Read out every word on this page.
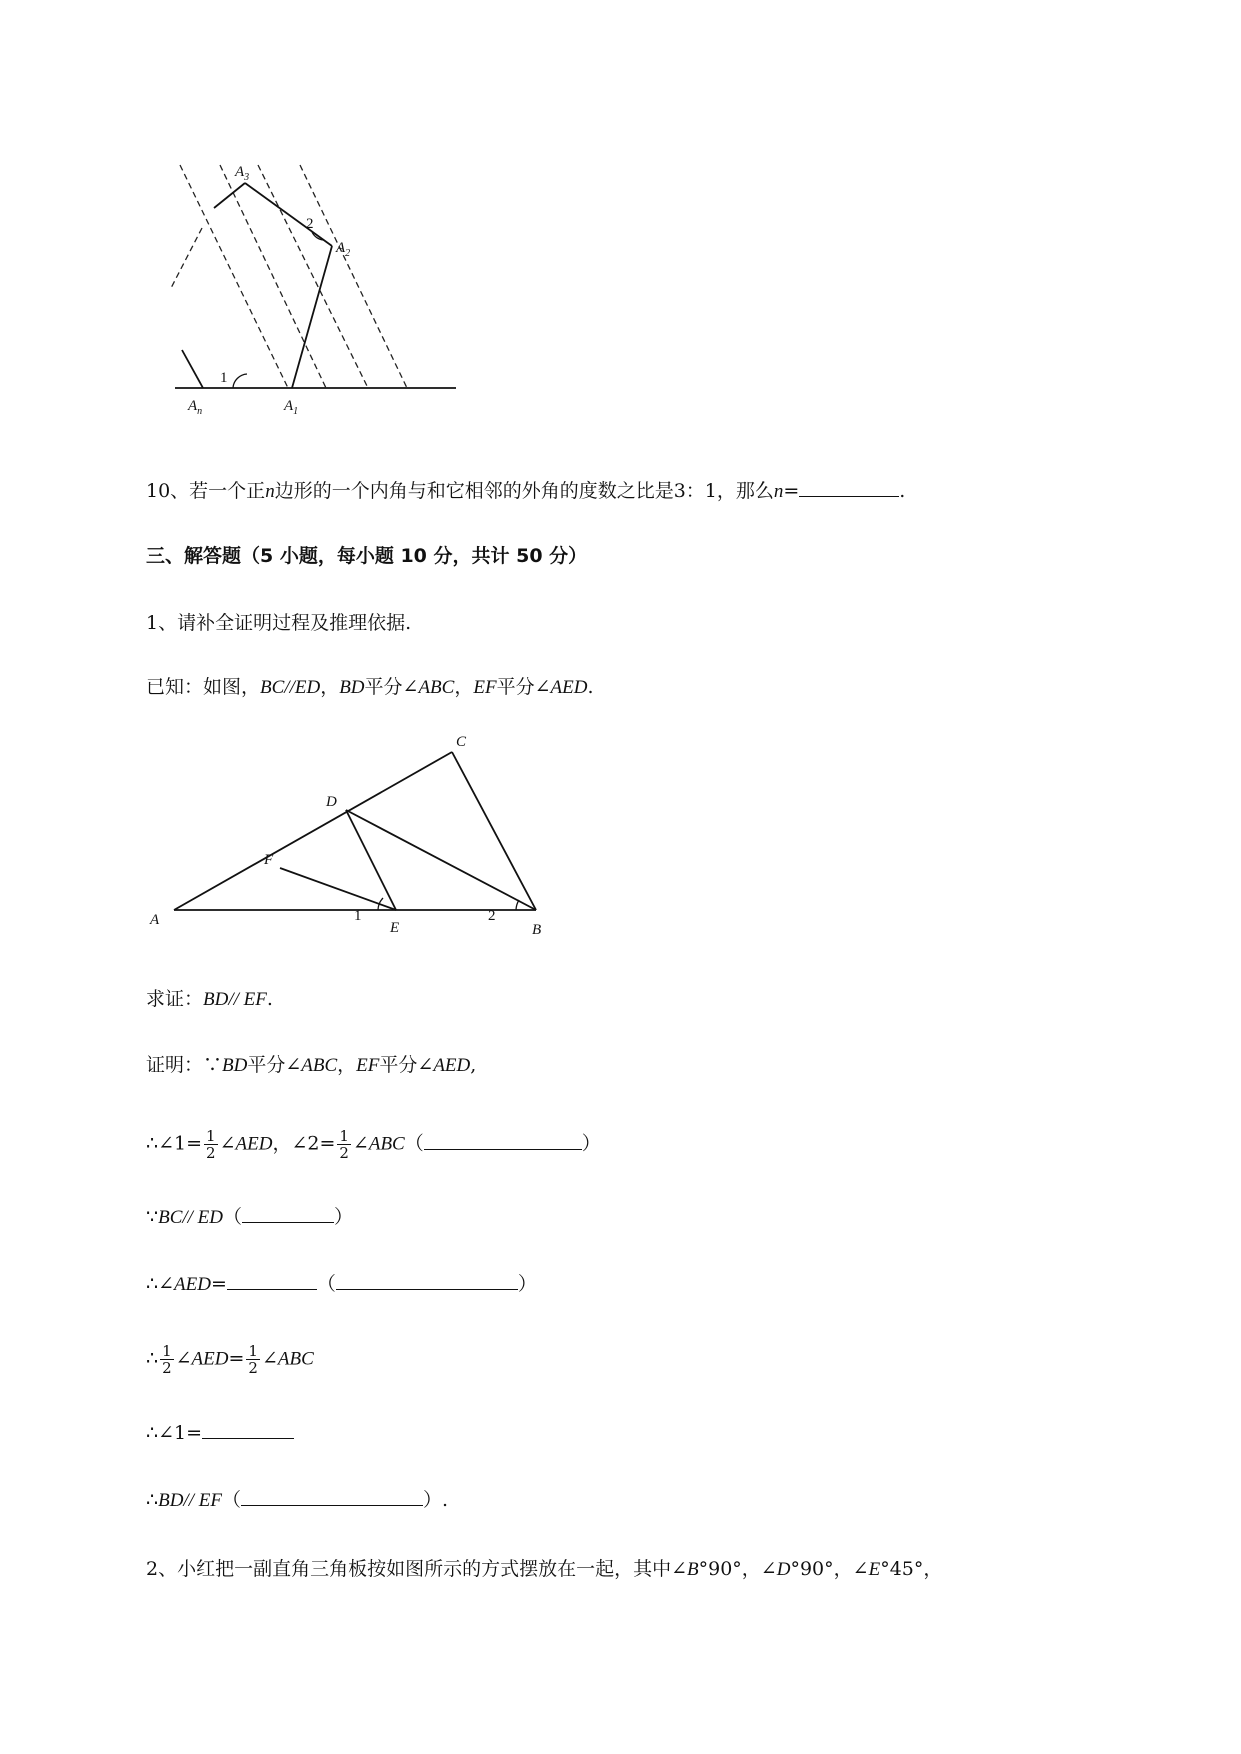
$A_3$
$A_2$
$A_1$
$A_n$
1
2
10、若一个正n边形的一个内角与和它相邻的外角的度数之比是3：1，那么n=	.
三、解答题（5 小题，每小题 10 分，共计 50 分）
1、请补全证明过程及推理依据.
已知：如图，BC//ED，BD平分∠ABC，EF平分∠AED.
A
B
C
D
E
F
1	2
求证：BD// EF.
证明：∵BD平分∠ABC，EF平分∠AED,
∴∠1= $\frac{1}{2}$ ∠AED，∠2= $\frac{1}{2}$ ∠ABC（	）
∵BC// ED（	）
∴∠AED=	（	）
∴ $\frac{1}{2}$ ∠AED= $\frac{1}{2}$ ∠ABC
∴∠1=
∴BD// EF（	）.
2、小红把一副直角三角板按如图所示的方式摆放在一起，其中∠B°90°，∠D°90°，∠E°45°，
